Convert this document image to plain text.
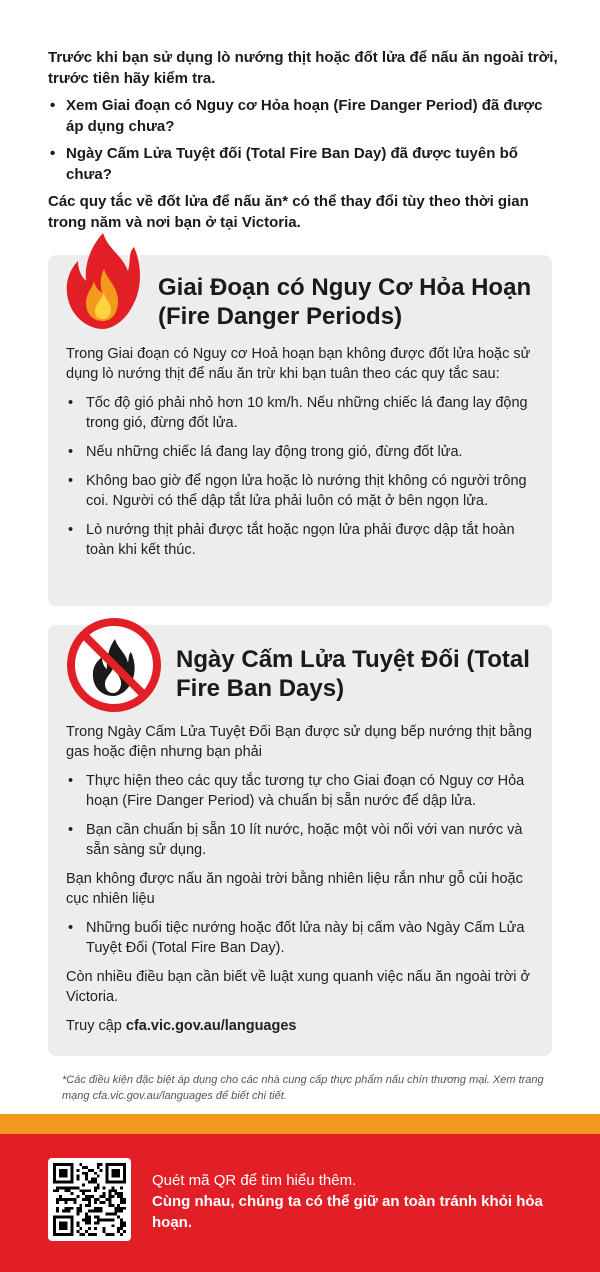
Trước khi bạn sử dụng lò nướng thịt hoặc đốt lửa để nấu ăn ngoài trời, trước tiên hãy kiểm tra.

• Xem Giai đoạn có Nguy cơ Hỏa hoạn (Fire Danger Period) đã được áp dụng chưa?
• Ngày Cấm Lửa Tuyệt đối (Total Fire Ban Day) đã được tuyên bố chưa?

Các quy tắc về đốt lửa để nấu ăn* có thể thay đổi tùy theo thời gian trong năm và nơi bạn ở tại Victoria.

Giai Đoạn có Nguy Cơ Hỏa Hoạn (Fire Danger Periods)

Trong Giai đoạn có Nguy cơ Hoả hoạn bạn không được đốt lửa hoặc sử dụng lò nướng thịt để nấu ăn trừ khi bạn tuân theo các quy tắc sau:

• Tốc độ gió phải nhỏ hơn 10 km/h. Nếu những chiếc lá đang lay động trong gió, đừng đốt lửa.
• Nếu những chiếc lá đang lay động trong gió, đừng đốt lửa.
• Không bao giờ để ngọn lửa hoặc lò nướng thịt không có người trông coi. Người có thể dập tắt lửa phải luôn có mặt ở bên ngọn lửa.
• Lò nướng thịt phải được tắt hoặc ngọn lửa phải được dập tắt hoàn toàn khi kết thúc.
Ngày Cấm Lửa Tuyệt Đối (Total Fire Ban Days)

Trong Ngày Cấm Lửa Tuyệt Đối Bạn được sử dụng bếp nướng thịt bằng gas hoặc điện nhưng bạn phải

• Thực hiện theo các quy tắc tương tự cho Giai đoạn có Nguy cơ Hỏa hoạn (Fire Danger Period) và chuẩn bị sẵn nước để dập lửa.
• Bạn cần chuẩn bị sẵn 10 lít nước, hoặc một vòi nối với van nước và sẵn sàng sử dụng.

Bạn không được nấu ăn ngoài trời bằng nhiên liệu rắn như gỗ củi hoặc cục nhiên liệu

• Những buổi tiệc nướng hoặc đốt lửa này bị cấm vào Ngày Cấm Lửa Tuyệt Đối (Total Fire Ban Day).

Còn nhiều điều bạn cần biết về luật xung quanh việc nấu ăn ngoài trời ở Victoria.

Truy cập cfa.vic.gov.au/languages

*Các điều kiện đặc biệt áp dụng cho các nhà cung cấp thực phẩm nấu chín thương mại. Xem trang mạng cfa.vic.gov.au/languages để biết chi tiết.
Quét mã QR để tìm hiểu thêm.
Cùng nhau, chúng ta có thể giữ an toàn tránh khỏi hỏa hoạn.
